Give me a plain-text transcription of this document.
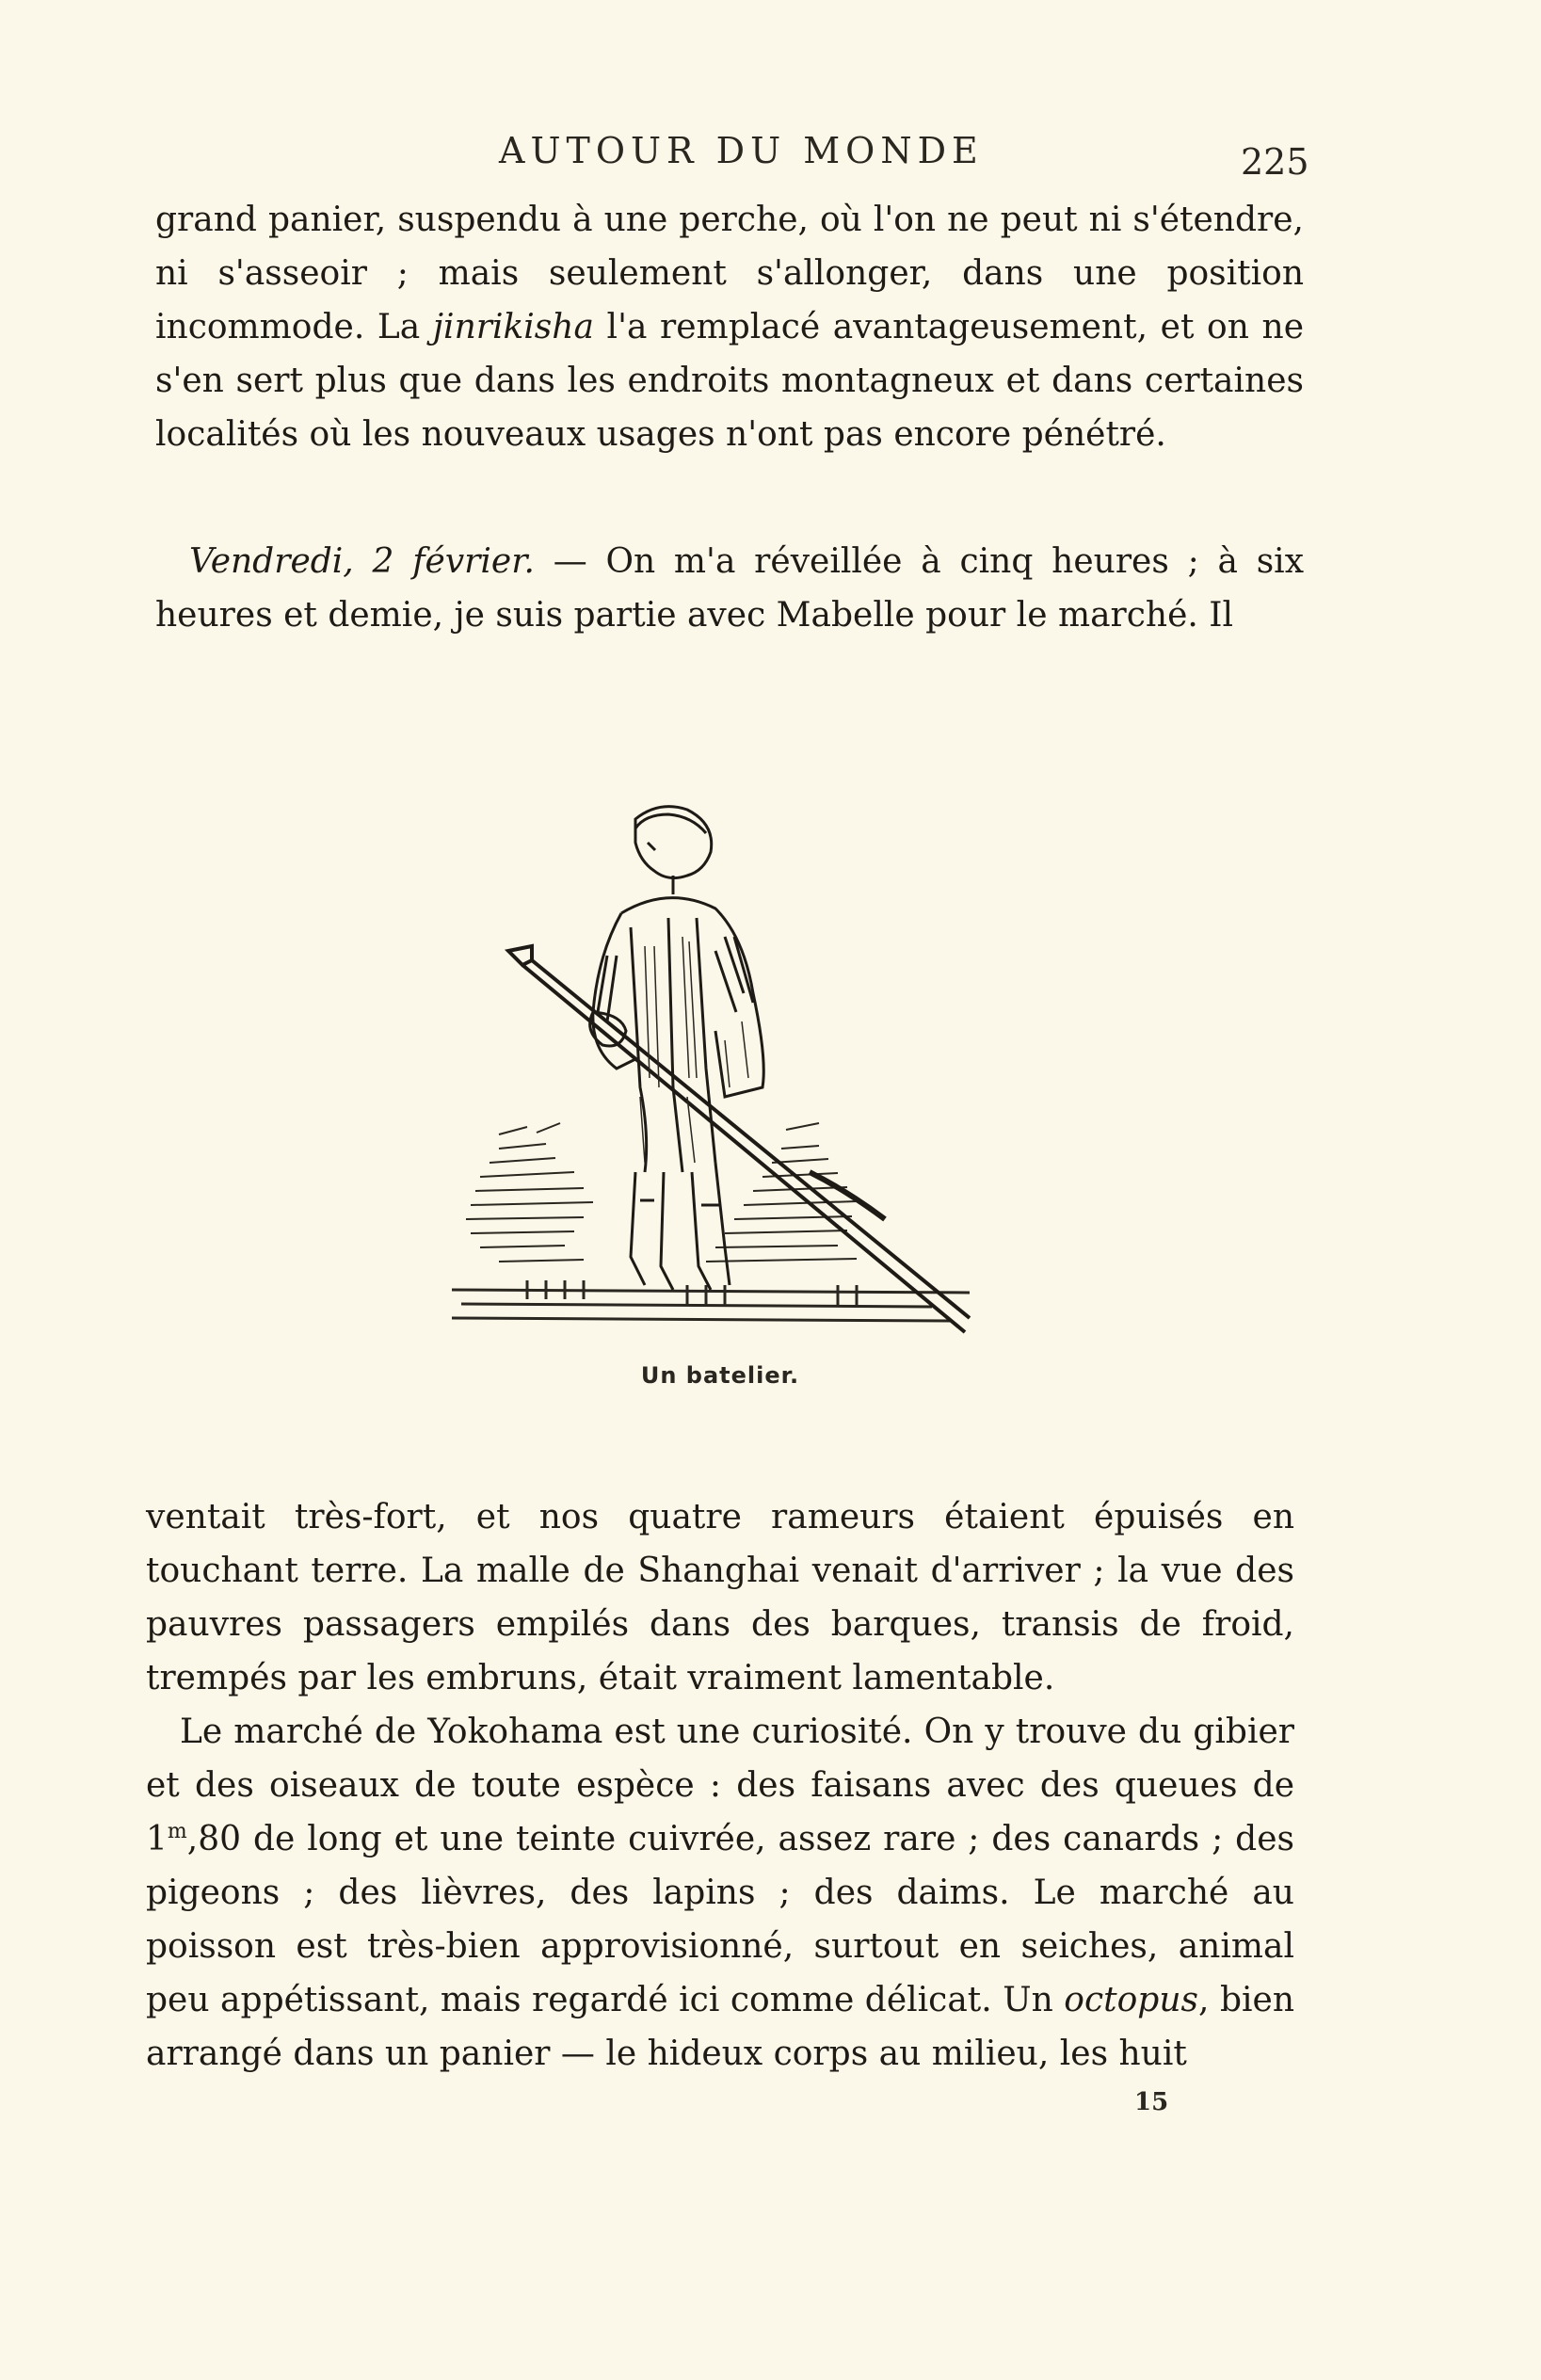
AUTOUR DU MONDE	225

grand panier, suspendu à une perche, où l'on ne peut ni s'étendre, ni s'asseoir ; mais seulement s'allonger, dans une position incommode. La jinrikisha l'a remplacé avantageusement, et on ne s'en sert plus que dans les endroits montagneux et dans certaines localités où les nouveaux usages n'ont pas encore pénétré.

Vendredi, 2 février. — On m'a réveillée à cinq heures ; à six heures et demie, je suis partie avec Mabelle pour le marché. Il

Un batelier.

ventait très-fort, et nos quatre rameurs étaient épuisés en touchant terre. La malle de Shanghai venait d'arriver ; la vue des pauvres passagers empilés dans des barques, transis de froid, trempés par les embruns, était vraiment lamentable.

Le marché de Yokohama est une curiosité. On y trouve du gibier et des oiseaux de toute espèce : des faisans avec des queues de 1$^m$,80 de long et une teinte cuivrée, assez rare ; des canards ; des pigeons ; des lièvres, des lapins ; des daims. Le marché au poisson est très-bien approvisionné, surtout en seiches, animal peu appétissant, mais regardé ici comme délicat. Un octopus, bien arrangé dans un panier — le hideux corps au milieu, les huit

15
